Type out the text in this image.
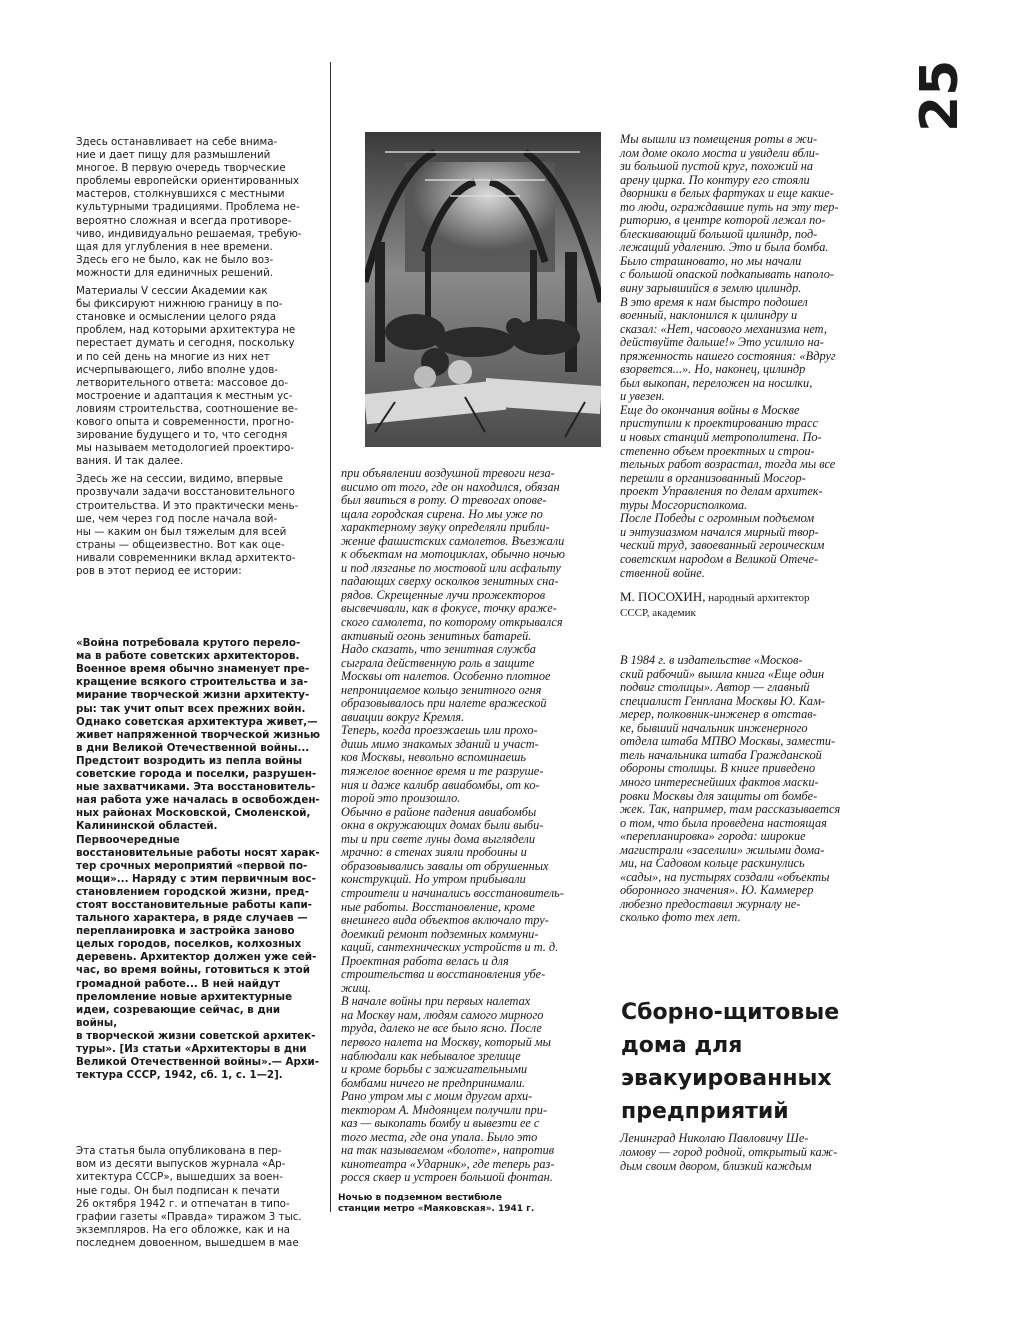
25

Здесь останавливает на себе внима-
ние и дает пищу для размышлений
многое. В первую очередь творческие
проблемы европейски ориентированных
мастеров, столкнувшихся с местными
культурными традициями. Проблема не-
вероятно сложная и всегда противоре-
чиво, индивидуально решаемая, требую-
щая для углубления в нее времени.
Здесь его не было, как не было воз-
можности для единичных решений.

Материалы V сессии Академии как
бы фиксируют нижнюю границу в по-
становке и осмыслении целого ряда
проблем, над которыми архитектура не
перестает думать и сегодня, поскольку
и по сей день на многие из них нет
исчерпывающего, либо вполне удов-
летворительного ответа: массовое до-
мостроение и адаптация к местным ус-
ловиям строительства, соотношение ве-
кового опыта и современности, прогно-
зирование будущего и то, что сегодня
мы называем методологией проектиро-
вания. И так далее.

Здесь же на сессии, видимо, впервые
прозвучали задачи восстановительного
строительства. И это практически мень-
ше, чем через год после начала вой-
ны — каким он был тяжелым для всей
страны — общеизвестно. Вот как оце-
нивали современники вклад архитекто-
ров в этот период ее истории:

«Война потребовала крутого перело-
ма в работе советских архитекторов.
Военное время обычно знаменует пре-
кращение всякого строительства и за-
мирание творческой жизни архитекту-
ры: так учит опыт всех прежних войн.
Однако советская архитектура живет,—
живет напряженной творческой жизнью
в дни Великой Отечественной войны...
Предстоит возродить из пепла войны
советские города и поселки, разрушен-
ные захватчиками. Эта восстановитель-
ная работа уже началась в освобожден-
ных районах Московской, Смоленской,
Калининской областей. Первоочередные
восстановительные работы носят харак-
тер срочных мероприятий «первой по-
мощи»... Наряду с этим первичным вос-
становлением городской жизни, пред-
стоят восстановительные работы капи-
тального характера, в ряде случаев —
перепланировка и застройка заново
целых городов, поселков, колхозных
деревень. Архитектор должен уже сей-
час, во время войны, готовиться к этой
громадной работе... В ней найдут
преломление новые архитектурные
идеи, созревающие сейчас, в дни войны,
в творческой жизни советской архитек-
туры». [Из статьи «Архитекторы в дни
Великой Отечественной войны».— Архи-
тектура СССР, 1942, сб. 1, с. 1—2].

Эта статья была опубликована в пер-
вом из десяти выпусков журнала «Ар-
хитектура СССР», вышедших за воен-
ные годы. Он был подписан к печати
26 октября 1942 г. и отпечатан в типо-
графии газеты «Правда» тиражом 3 тыс.
экземпляров. На его обложке, как и на
последнем довоенном, вышедшем в мае

при объявлении воздушной тревоги неза-
висимо от того, где он находился, обязан
был явиться в роту. О тревогах опове-
щала городская сирена. Но мы уже по
характерному звуку определяли прибли-
жение фашистских самолетов. Въезжали
к объектам на мотоциклах, обычно ночью
и под лязганье по мостовой или асфальту
падающих сверху осколков зенитных сна-
рядов. Скрещенные лучи прожекторов
высвечивали, как в фокусе, точку враже-
ского самолета, по которому открывался
активный огонь зенитных батарей.

Надо сказать, что зенитная служба
сыграла действенную роль в защите
Москвы от налетов. Особенно плотное
непроницаемое кольцо зенитного огня
образовывалось при налете вражеской
авиации вокруг Кремля.

Теперь, когда проезжаешь или прохо-
дишь мимо знакомых зданий и участ-
ков Москвы, невольно вспоминаешь
тяжелое военное время и те разруше-
ния и даже калибр авиабомбы, от ко-
торой это произошло.

Обычно в районе падения авиабомбы
окна в окружающих домах были выби-
ты и при свете луны дома выглядели
мрачно: в стенах зияли пробоины и
образовывались завалы от обрушенных
конструкций. Но утром прибывали
строители и начинались восстановитель-
ные работы. Восстановление, кроме
внешнего вида объектов включало тру-
доемкий ремонт подземных коммуни-
каций, сантехнических устройств и т. д.

Проектная работа велась и для
строительства и восстановления убе-
жищ.

В начале войны при первых налетах
на Москву нам, людям самого мирного
труда, далеко не все было ясно. После
первого налета на Москву, который мы
наблюдали как небывалое зрелище
и кроме борьбы с зажигательными
бомбами ничего не предпринимали.

Рано утром мы с моим другом архи-
тектором А. Мндоянцем получили при-
каз — выкопать бомбу и вывезти ее с
того места, где она упала. Было это
на так называемом «болоте», напротив
кинотеатра «Ударник», где теперь раз-
росся сквер и устроен большой фонтан.

Ночью в подземном вестибюле
станции метро «Маяковская». 1941 г.

Мы вышли из помещения роты в жи-
лом доме около моста и увидели вбли-
зи большой пустой круг, похожий на
арену цирка. По контуру его стояли
дворники в белых фартуках и еще какие-
то люди, ограждавшие путь на эту тер-
риторию, в центре которой лежал по-
блескивающий большой цилиндр, под-
лежащий удалению. Это и была бомба.

Было страшновато, но мы начали
с большой опаской подкапывать наполо-
вину зарывшийся в землю цилиндр.
В это время к нам быстро подошел
военный, наклонился к цилиндру и
сказал: «Нет, часового механизма нет,
действуйте дальше!» Это усилило на-
пряженность нашего состояния: «Вдруг
взорвется...». Но, наконец, цилиндр
был выкопан, переложен на носилки,
и увезен.

Еще до окончания войны в Москве
приступили к проектированию трасс
и новых станций метрополитена. По-
степенно объем проектных и строи-
тельных работ возрастал, тогда мы все
перешли в организованный Мосгор-
проект Управления по делам архитек-
туры Мосгорисполкома.

После Победы с огромным подъемом
и энтузиазмом начался мирный твор-
ческий труд, завоеванный героическим
советским народом в Великой Отече-
ственной войне.

М. ПОСОХИН, народный архитектор
СССР, академик

В 1984 г. в издательстве «Москов-
ский рабочий» вышла книга «Еще один
подвиг столицы». Автор — главный
специалист Генплана Москвы Ю. Кам-
мерер, полковник-инженер в отстав-
ке, бывший начальник инженерного
отдела штаба МПВО Москвы, замести-
тель начальника штаба Гражданской
обороны столицы. В книге приведено
много интереснейших фактов маски-
ровки Москвы для защиты от бомбе-
жек. Так, например, там рассказывается
о том, что была проведена настоящая
«перепланировка» города: широкие
магистрали «заселили» жилыми дома-
ми, на Садовом кольце раскинулись
«сады», на пустырях создали «объекты
оборонного значения». Ю. Каммерер
любезно предоставил журналу не-
сколько фото тех лет.

Сборно-щитовые
дома для
эвакуированных
предприятий

Ленинград Николаю Павловичу Ше-
ломову — город родной, открытый каж-
дым своим двором, близкий каждым
